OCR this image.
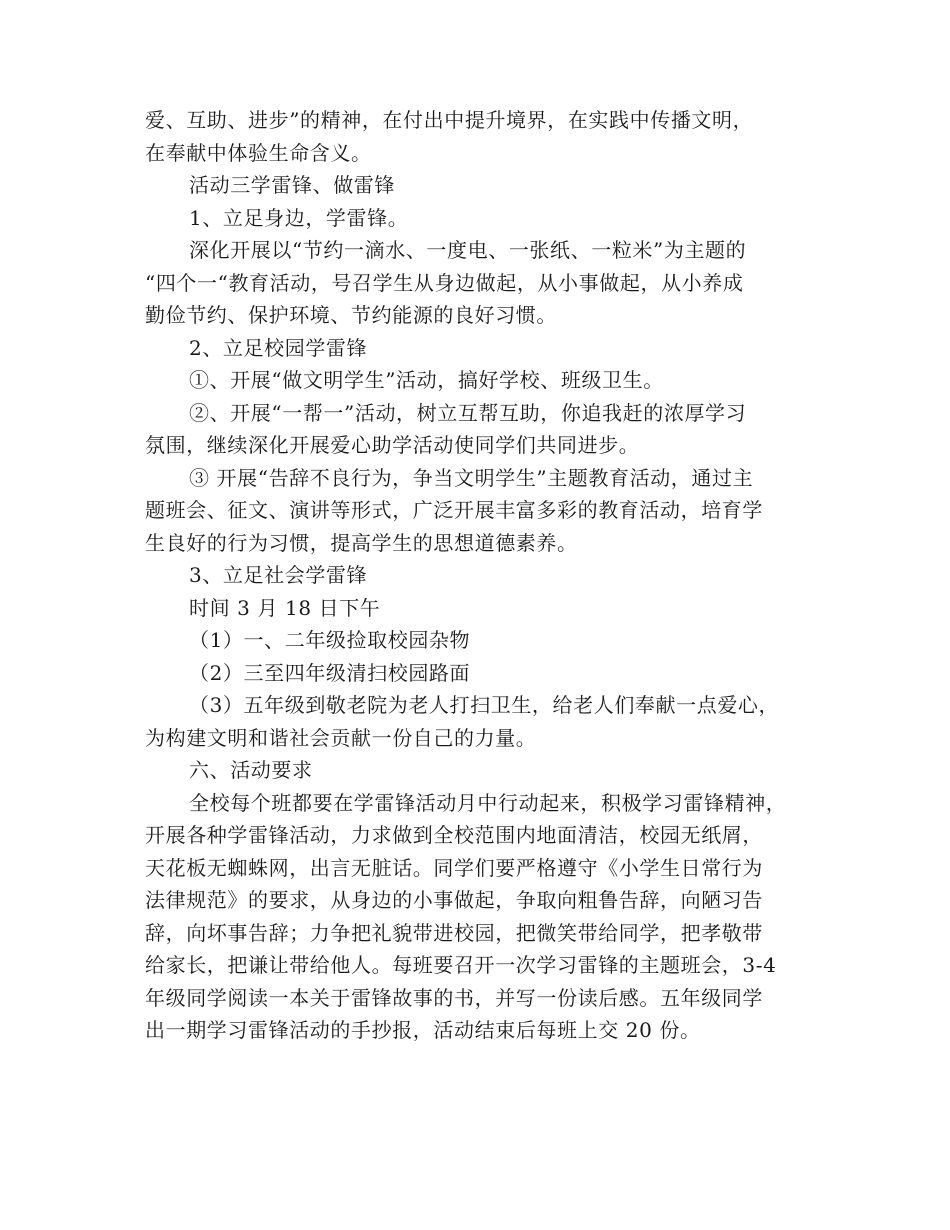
爱、互助、进步”的精神，在付出中提升境界，在实践中传播文明，
在奉献中体验生命含义。

活动三学雷锋、做雷锋

1、立足身边，学雷锋。

深化开展以“节约一滴水、一度电、一张纸、一粒米”为主题的

“四个一“教育活动，号召学生从身边做起，从小事做起，从小养成
勤俭节约、保护环境、节约能源的良好习惯。

2、立足校园学雷锋

①、开展“做文明学生”活动，搞好学校、班级卫生。

②、开展“一帮一”活动，树立互帮互助，你追我赶的浓厚学习

氛围，继续深化开展爱心助学活动使同学们共同进步。

③ 开展“告辞不良行为，争当文明学生”主题教育活动，通过主

题班会、征文、演讲等形式，广泛开展丰富多彩的教育活动，培育学
生良好的行为习惯，提高学生的思想道德素养。

3、立足社会学雷锋

时间 3 月 18 日下午

（1）一、二年级捡取校园杂物

（2）三至四年级清扫校园路面

（3）五年级到敬老院为老人打扫卫生，给老人们奉献一点爱心，

为构建文明和谐社会贡献一份自己的力量。

六、活动要求

全校每个班都要在学雷锋活动月中行动起来，积极学习雷锋精神，

开展各种学雷锋活动，力求做到全校范围内地面清洁，校园无纸屑，
天花板无蜘蛛网，出言无脏话。同学们要严格遵守《小学生日常行为
法律规范》的要求，从身边的小事做起，争取向粗鲁告辞，向陋习告
辞，向坏事告辞；力争把礼貌带进校园，把微笑带给同学，把孝敬带
给家长，把谦让带给他人。每班要召开一次学习雷锋的主题班会，3-4
年级同学阅读一本关于雷锋故事的书，并写一份读后感。五年级同学
出一期学习雷锋活动的手抄报，活动结束后每班上交 20 份。
